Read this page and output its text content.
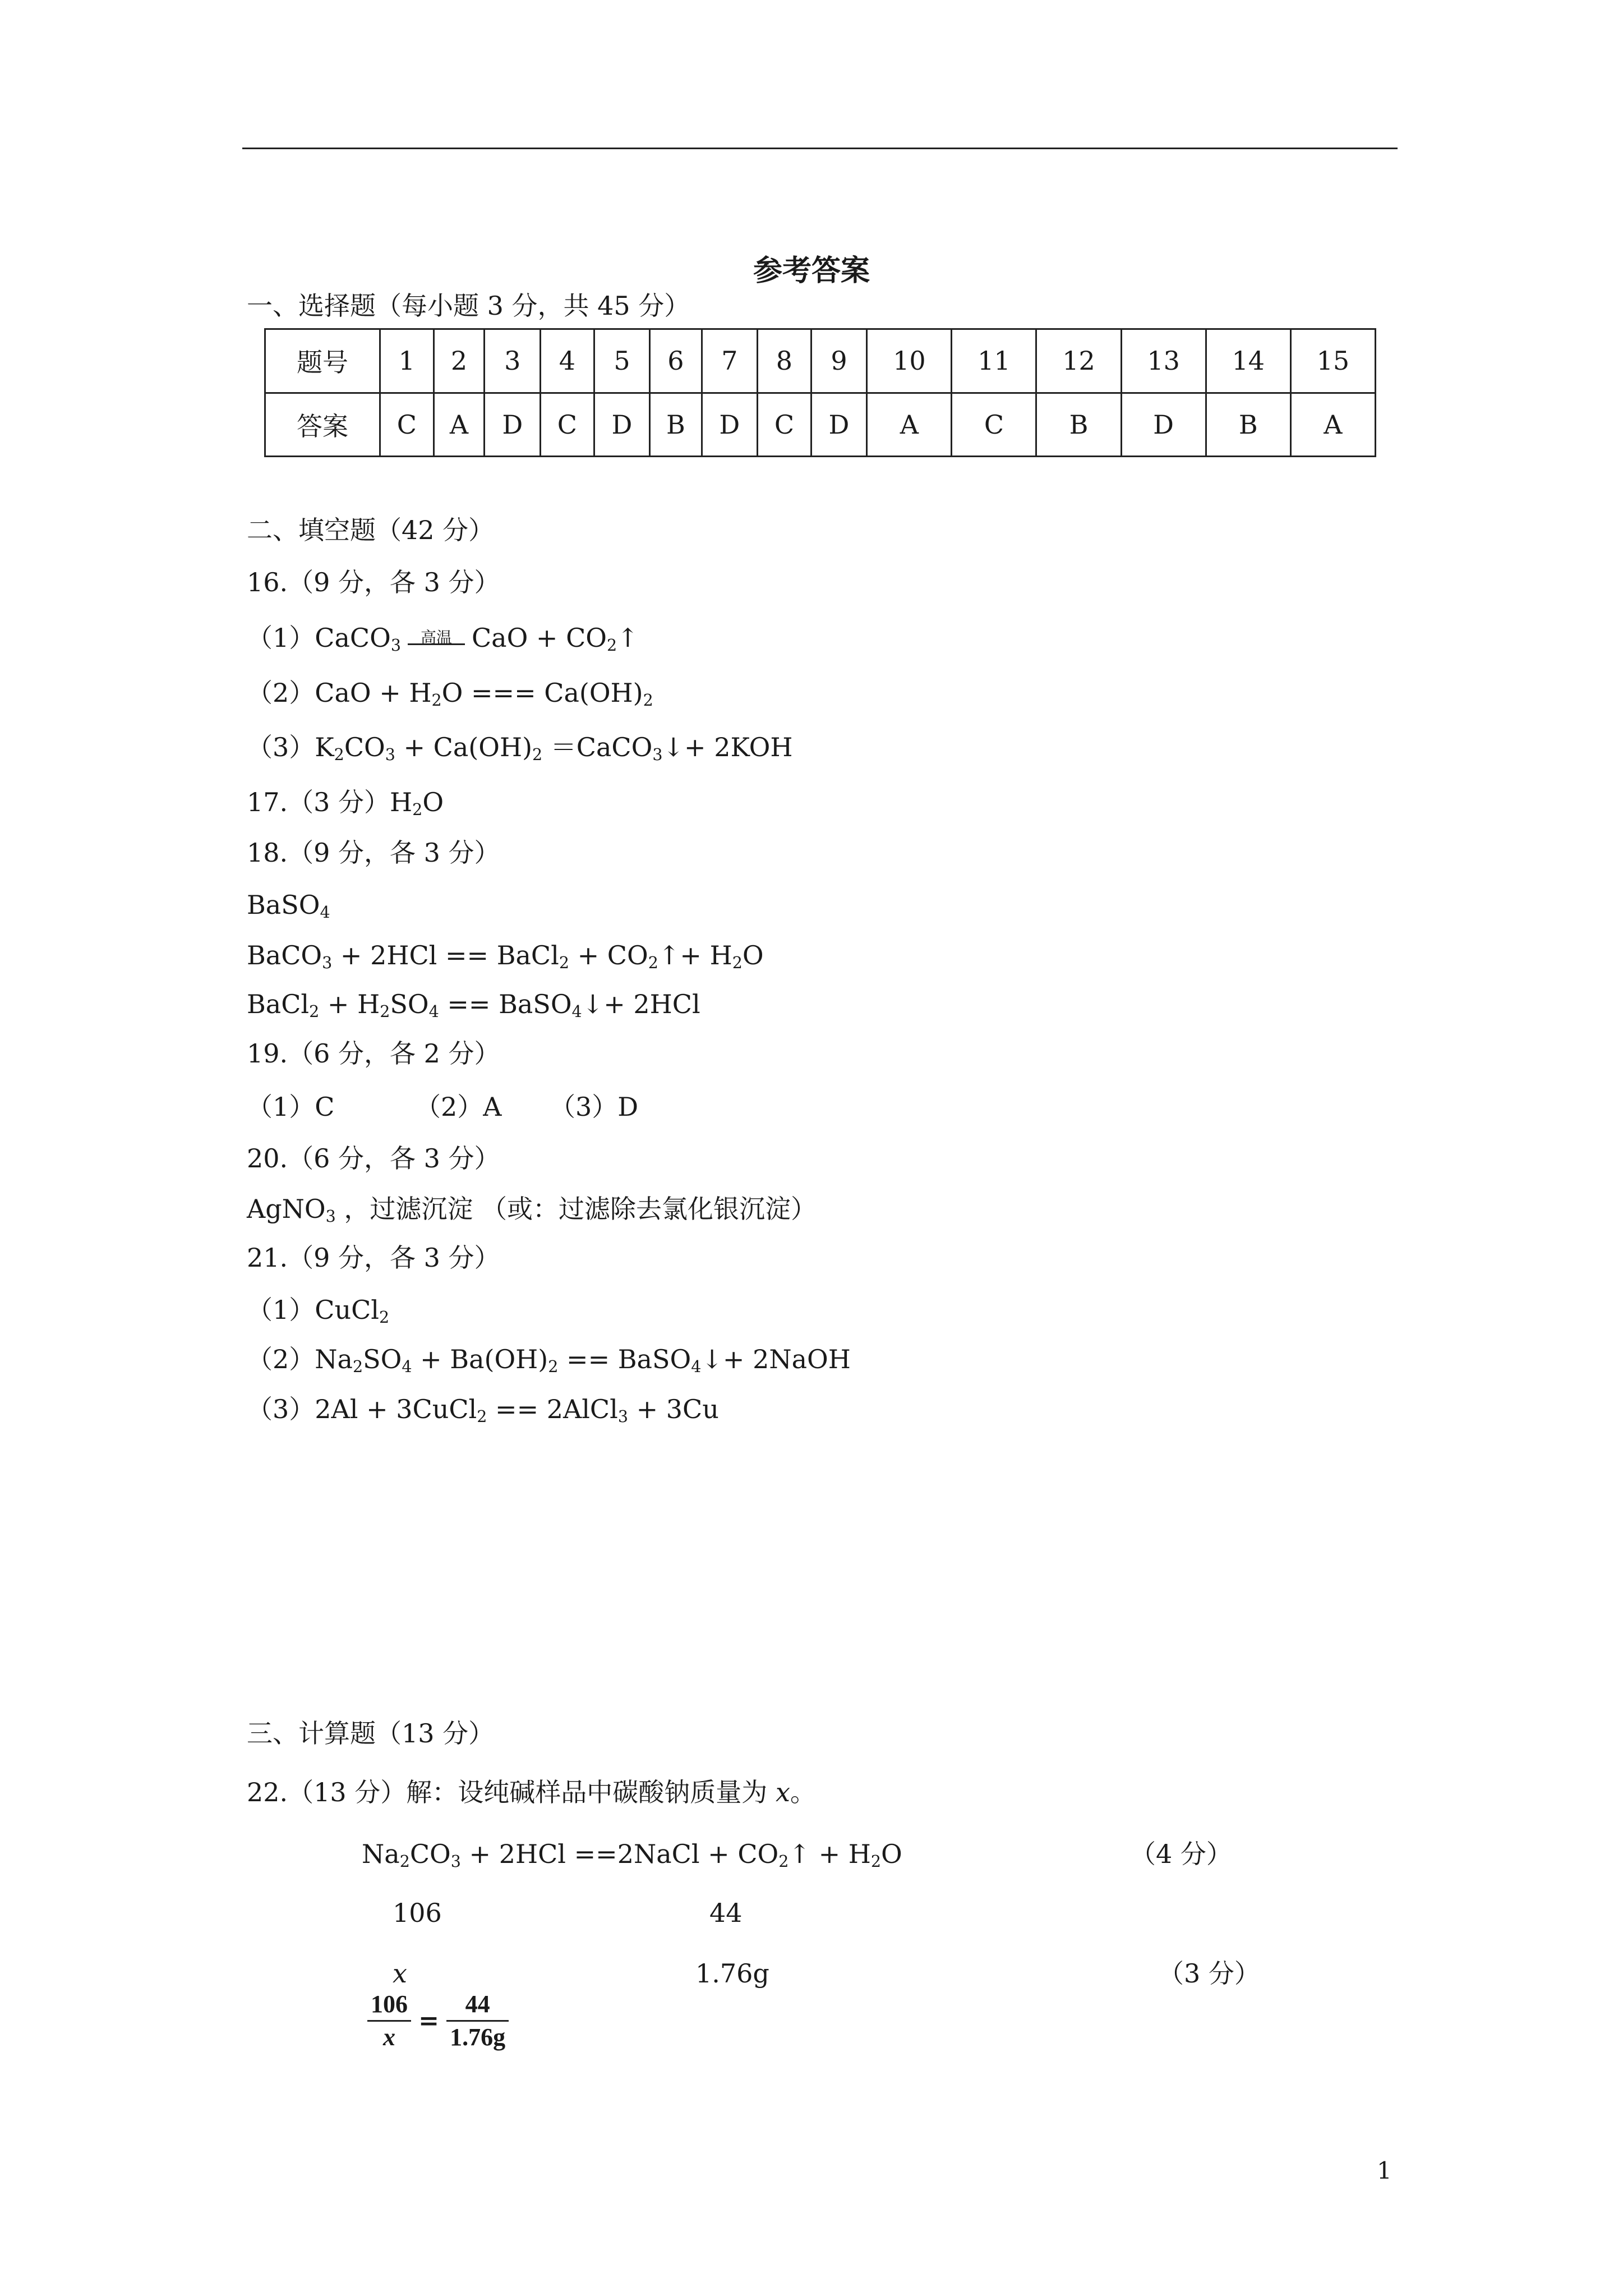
参考答案
一、选择题（每小题 3 分，共 45 分）
题号	1	2	3	4	5	6	7	8	9	10	11	12	13	14	15
答案	C	A	D	C	D	B	D	C	D	A	C	B	D	B	A
二、填空题（42 分）
16.（9 分，各 3 分）
（1）CaCO$_3$	高温 CaO + $CO_2↑$
$(2)CaO + H_2O$ === $Ca(OH)_2$
$(3)K_2CO_3 + Ca(OH)_2$ ＝CaCO$_3$↓+ 2KOH
17.（3 分）$H_2O$
18.（9 分，各 3 分）
BaSO$_4$
BaCO$_3$ + 2HCl == BaCl$_2$ + $CO_2↑+ H_2O$
BaCl$_2$ + $H_2SO_4$ == BaSO$_4$↓+ 2HCl
19.（6 分，各 2 分）
（1）C	（2）A （3）D
20.（6 分，各 3 分）
AgNO$_3$ ，过滤沉淀 （或：过滤除去氯化银沉淀）
21.（9 分，各 3 分）
（1）CuCl$_2$
$(2)Na_2SO_4 + Ba(OH)_2$ == BaSO$_4$↓+ 2NaOH
（3）2Al + 3CuCl$_2$ == 2AlCl$_3$ + 3Cu
三、计算题（13 分）
22.（13 分）解：设纯碱样品中碳酸钠质量为 x。
$Na_2CO_3 + 2HCl$ ==2NaCl + $CO_2↑ + H_2O$	（4 分）
106	44
x	1.76g	（3 分）
$\frac{106}{x} = \frac{44}{1.76g}$
1
